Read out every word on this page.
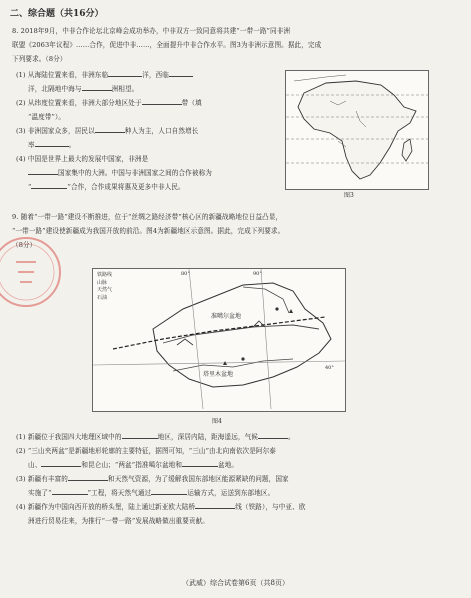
二、综合题（共16分）
8. 2018年9月，中非合作论坛北京峰会成功举办，中非双方一致同意将共建“一带一路”同非洲
联盟《2063年议程》……合作，促进中非……，全面提升中非合作水平。图3为非洲示意图。据此，完成
下列要求。（8分）
(1) 从海陆位置来看，非洲东临	洋，西临
洋，北隔地中海与	洲相望。
(2) 从纬度位置来看，非洲大部分地区处于	带（填
“温度带”）。
(3) 非洲国家众多，居民以	种人为主，人口自然增长
率	。
(4) 中国是世界上最大的发展中国家，非洲是
国家集中的大洲。中国与非洲国家之间的合作被称为
“	”合作，合作成果将惠及更多中非人民。
图3
9. 随着“一带一路”建设不断推进，位于“丝绸之路经济带”核心区的新疆战略地位日益凸显，
“一带一路”建设使新疆成为我国开放的前沿。图4为新疆地区示意图。据此，完成下列要求。
（8分）
铁路线
山脉
天然气
石油
准噶尔盆地
塔里木盆地
80°	90°
40°
图4
(1) 新疆位于我国四大地理区域中的	地区，深居内陆，距海遥远，气候	。
(2) “三山夹两盆”是新疆地形轮廓的主要特征，据图可知，“三山”由北向南依次是阿尔泰
山、	和昆仑山；“两盆”指准噶尔盆地和	盆地。
(3) 新疆有丰富的	和天然气资源，为了缓解我国东部地区能源紧缺的问题，国家
实施了“	”工程，将天然气通过	运输方式，运送到东部地区。
(4) 新疆作为中国向西开放的桥头堡，陆上通过新亚欧大陆桥	线（铁路），与中亚、欧
洲进行贸易往来，为推行“一带一路”发展战略做出重要贡献。
（武威）综合试卷第6页（共8页）
